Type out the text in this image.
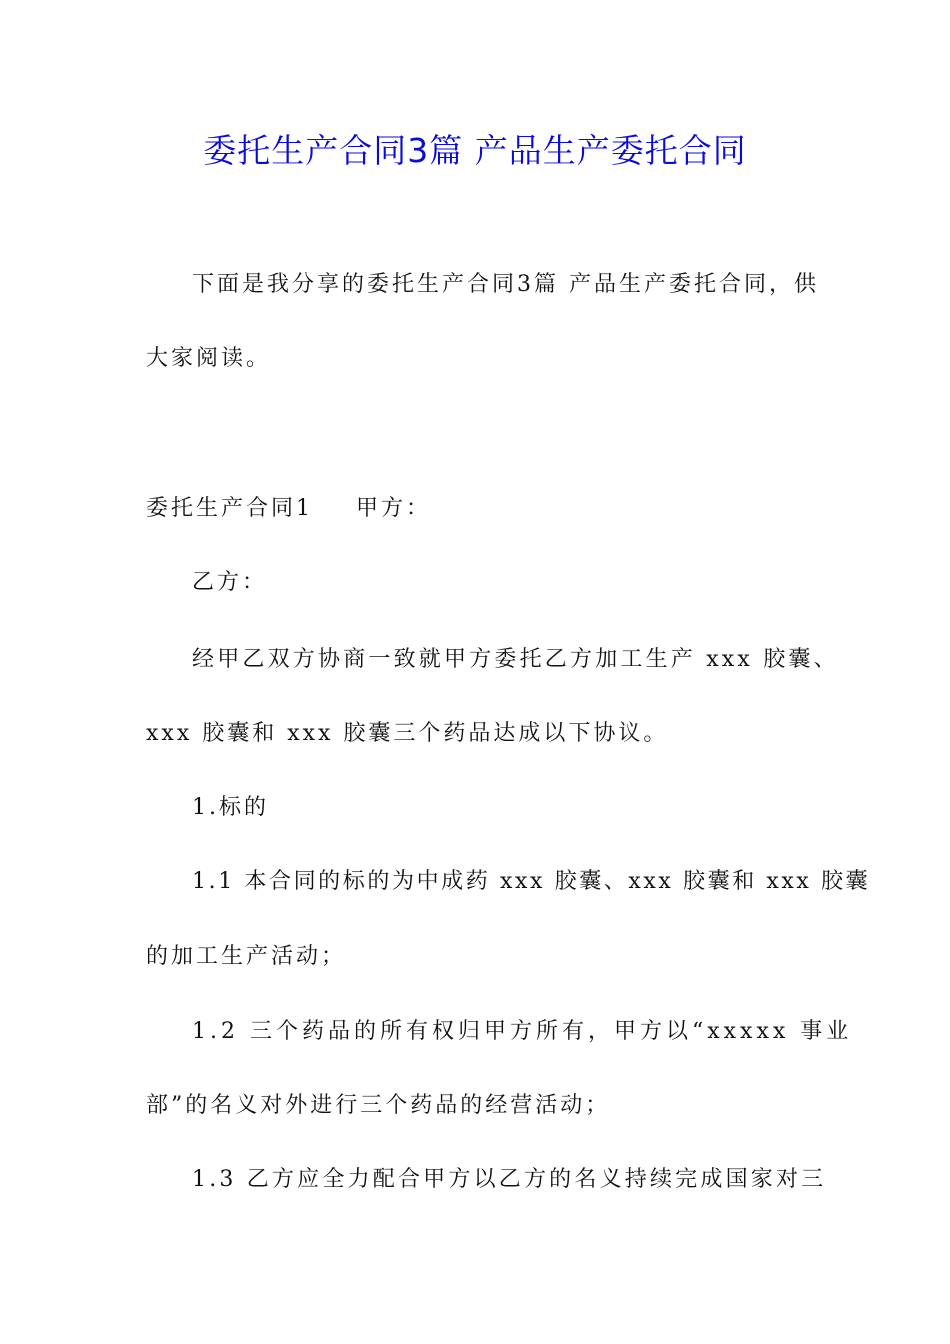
委托生产合同3篇 产品生产委托合同
下面是我分享的委托生产合同3篇 产品生产委托合同，供
大家阅读。
委托生产合同1 甲方：
乙方：
经甲乙双方协商一致就甲方委托乙方加工生产 xxx 胶囊、
xxx 胶囊和 xxx 胶囊三个药品达成以下协议。
1.标的
1.1 本合同的标的为中成药 xxx 胶囊、xxx 胶囊和 xxx 胶囊
的加工生产活动；
1.2 三个药品的所有权归甲方所有，甲方以“xxxxx 事业
部”的名义对外进行三个药品的经营活动；
1.3 乙方应全力配合甲方以乙方的名义持续完成国家对三
